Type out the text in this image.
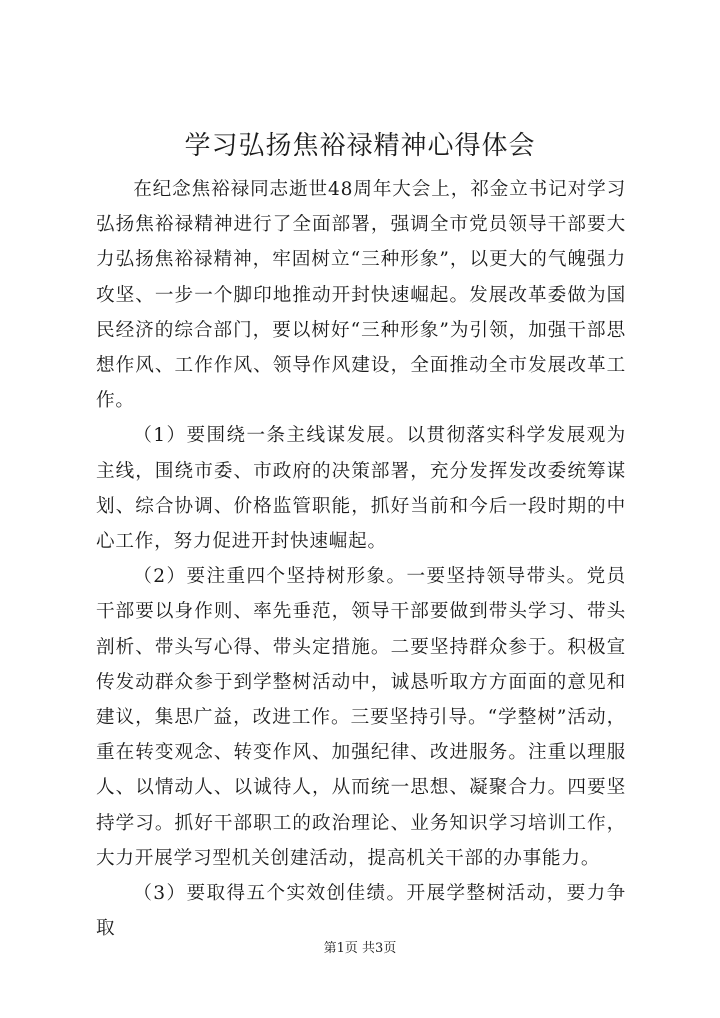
学习弘扬焦裕禄精神心得体会

在纪念焦裕禄同志逝世48周年大会上，祁金立书记对学习弘扬焦裕禄精神进行了全面部署，强调全市党员领导干部要大力弘扬焦裕禄精神，牢固树立“三种形象”，以更大的气魄强力攻坚、一步一个脚印地推动开封快速崛起。发展改革委做为国民经济的综合部门，要以树好“三种形象”为引领，加强干部思想作风、工作作风、领导作风建设，全面推动全市发展改革工作。

（1）要围绕一条主线谋发展。以贯彻落实科学发展观为主线，围绕市委、市政府的决策部署，充分发挥发改委统筹谋划、综合协调、价格监管职能，抓好当前和今后一段时期的中心工作，努力促进开封快速崛起。

（2）要注重四个坚持树形象。一要坚持领导带头。党员干部要以身作则、率先垂范，领导干部要做到带头学习、带头剖析、带头写心得、带头定措施。二要坚持群众参于。积极宣传发动群众参于到学整树活动中，诚恳听取方方面面的意见和建议，集思广益，改进工作。三要坚持引导。“学整树”活动，重在转变观念、转变作风、加强纪律、改进服务。注重以理服人、以情动人、以诚待人，从而统一思想、凝聚合力。四要坚持学习。抓好干部职工的政治理论、业务知识学习培训工作，大力开展学习型机关创建活动，提高机关干部的办事能力。

（3）要取得五个实效创佳绩。开展学整树活动，要力争取

第1页 共3页
